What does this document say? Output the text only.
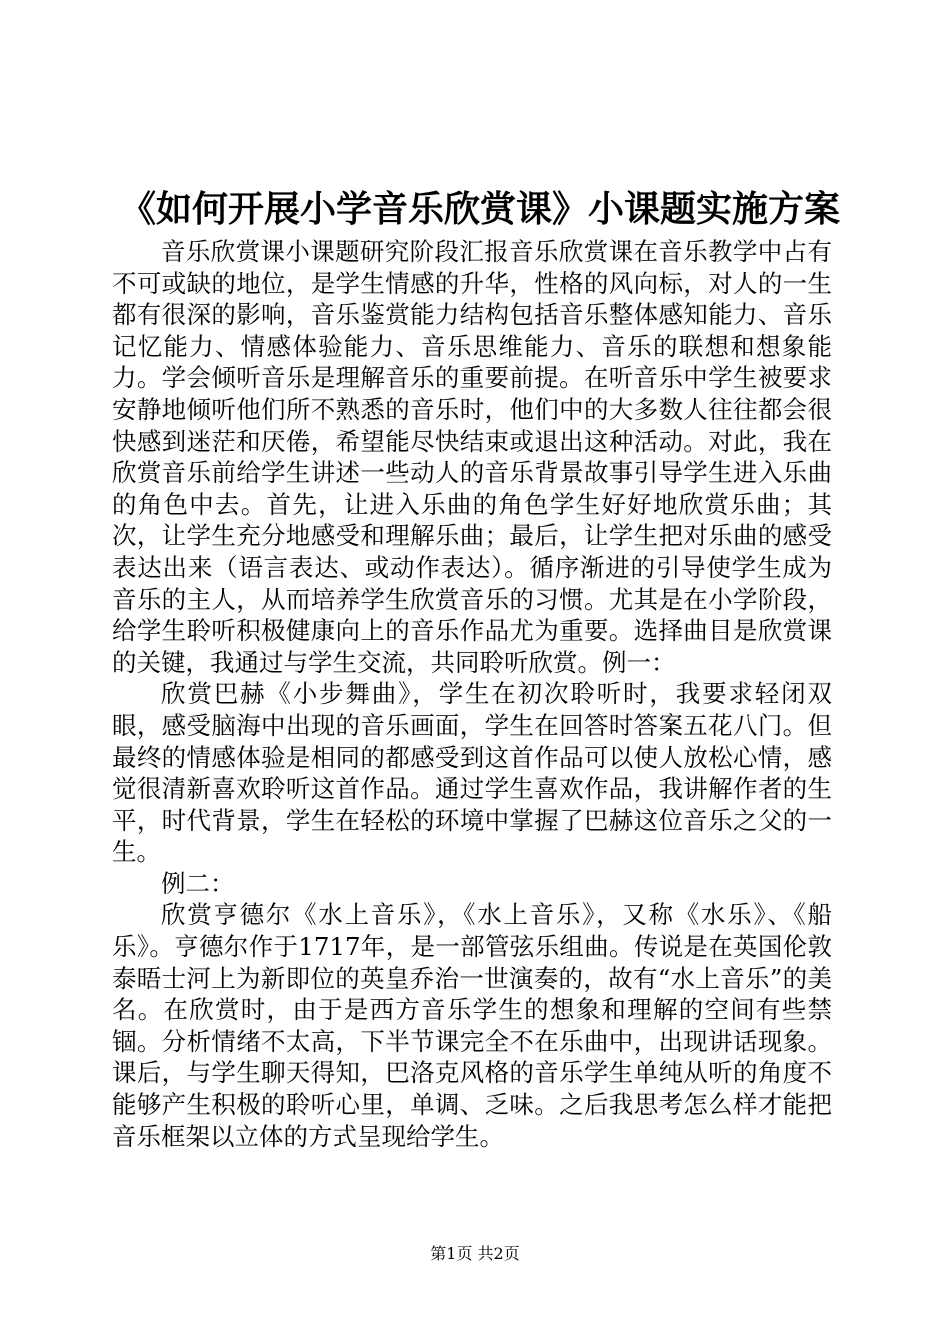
《如何开展小学音乐欣赏课》小课题实施方案

音乐欣赏课小课题研究阶段汇报音乐欣赏课在音乐教学中占有不可或缺的地位，是学生情感的升华，性格的风向标，对人的一生都有很深的影响，音乐鉴赏能力结构包括音乐整体感知能力、音乐记忆能力、情感体验能力、音乐思维能力、音乐的联想和想象能力。学会倾听音乐是理解音乐的重要前提。在听音乐中学生被要求安静地倾听他们所不熟悉的音乐时，他们中的大多数人往往都会很快感到迷茫和厌倦，希望能尽快结束或退出这种活动。对此，我在欣赏音乐前给学生讲述一些动人的音乐背景故事引导学生进入乐曲的角色中去。首先，让进入乐曲的角色学生好好地欣赏乐曲；其次，让学生充分地感受和理解乐曲；最后，让学生把对乐曲的感受表达出来（语言表达、或动作表达）。循序渐进的引导使学生成为音乐的主人，从而培养学生欣赏音乐的习惯。尤其是在小学阶段，给学生聆听积极健康向上的音乐作品尤为重要。选择曲目是欣赏课的关键，我通过与学生交流，共同聆听欣赏。例一：

欣赏巴赫《小步舞曲》，学生在初次聆听时，我要求轻闭双眼，感受脑海中出现的音乐画面，学生在回答时答案五花八门。但最终的情感体验是相同的都感受到这首作品可以使人放松心情，感觉很清新喜欢聆听这首作品。通过学生喜欢作品，我讲解作者的生平，时代背景，学生在轻松的环境中掌握了巴赫这位音乐之父的一生。

例二：

欣赏亨德尔《水上音乐》，《水上音乐》，又称《水乐》、《船乐》。亨德尔作于1717年，是一部管弦乐组曲。传说是在英国伦敦泰晤士河上为新即位的英皇乔治一世演奏的，故有“水上音乐”的美名。在欣赏时，由于是西方音乐学生的想象和理解的空间有些禁锢。分析情绪不太高，下半节课完全不在乐曲中，出现讲话现象。课后，与学生聊天得知，巴洛克风格的音乐学生单纯从听的角度不能够产生积极的聆听心里，单调、乏味。之后我思考怎么样才能把音乐框架以立体的方式呈现给学生。

第1页 共2页
